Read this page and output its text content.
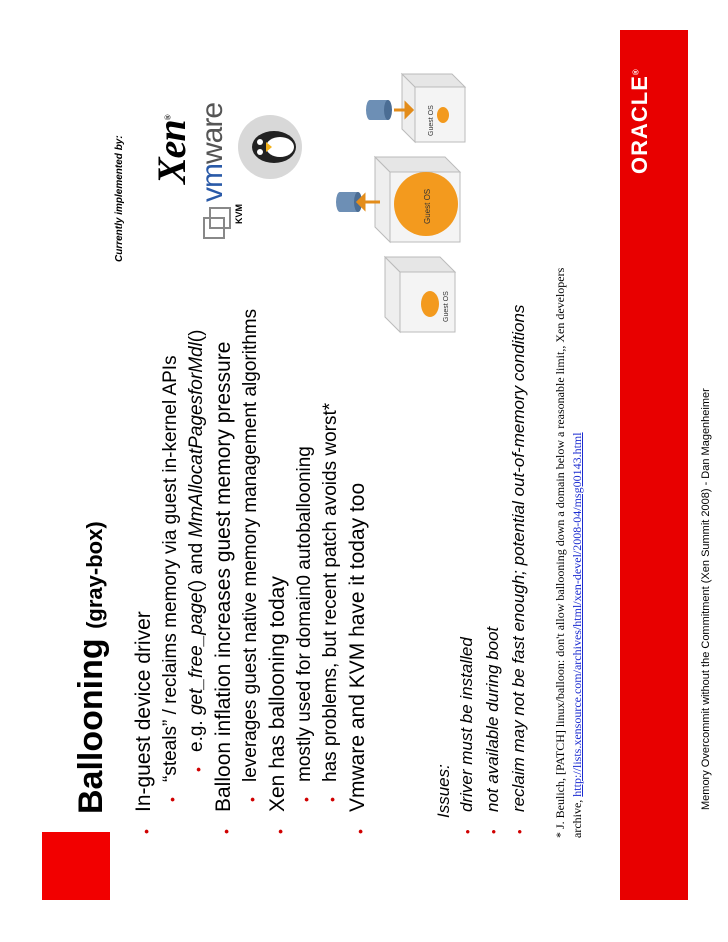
ORACLE®
Ballooning (gray-box)
•
In-guest device driver •
“steals” / reclaims memory via guest in-kernel APIs •
e.g. get_free_page() and MmAllocatPagesforMdl()
•
Balloon inflation increases guest memory pressure •
leverages guest native memory management algorithms
•
Xen has ballooning today •
mostly used for domain0 autoballooning
•
has problems, but recent patch avoids worst*
•
Vmware and KVM have it today too	Issues:
•
driver must be installed
•
not available during boot
•
reclaim may not be fast enough; potential out-of-memory conditions	* J. Beulich, [PATCH] linux/balloon: don't allow ballooning down a domain below a reasonable limit,, Xen developers archive, http://lists.xensource.com/archives/html/xen-devel/2008-04/msg00143.html	Memory Overcommit without the Commitment (Xen Summit 2008) - Dan Magenheimer
Currently implemented by: Xen®
vmware
KVM
Guest OS
Guest OS
Guest OS
